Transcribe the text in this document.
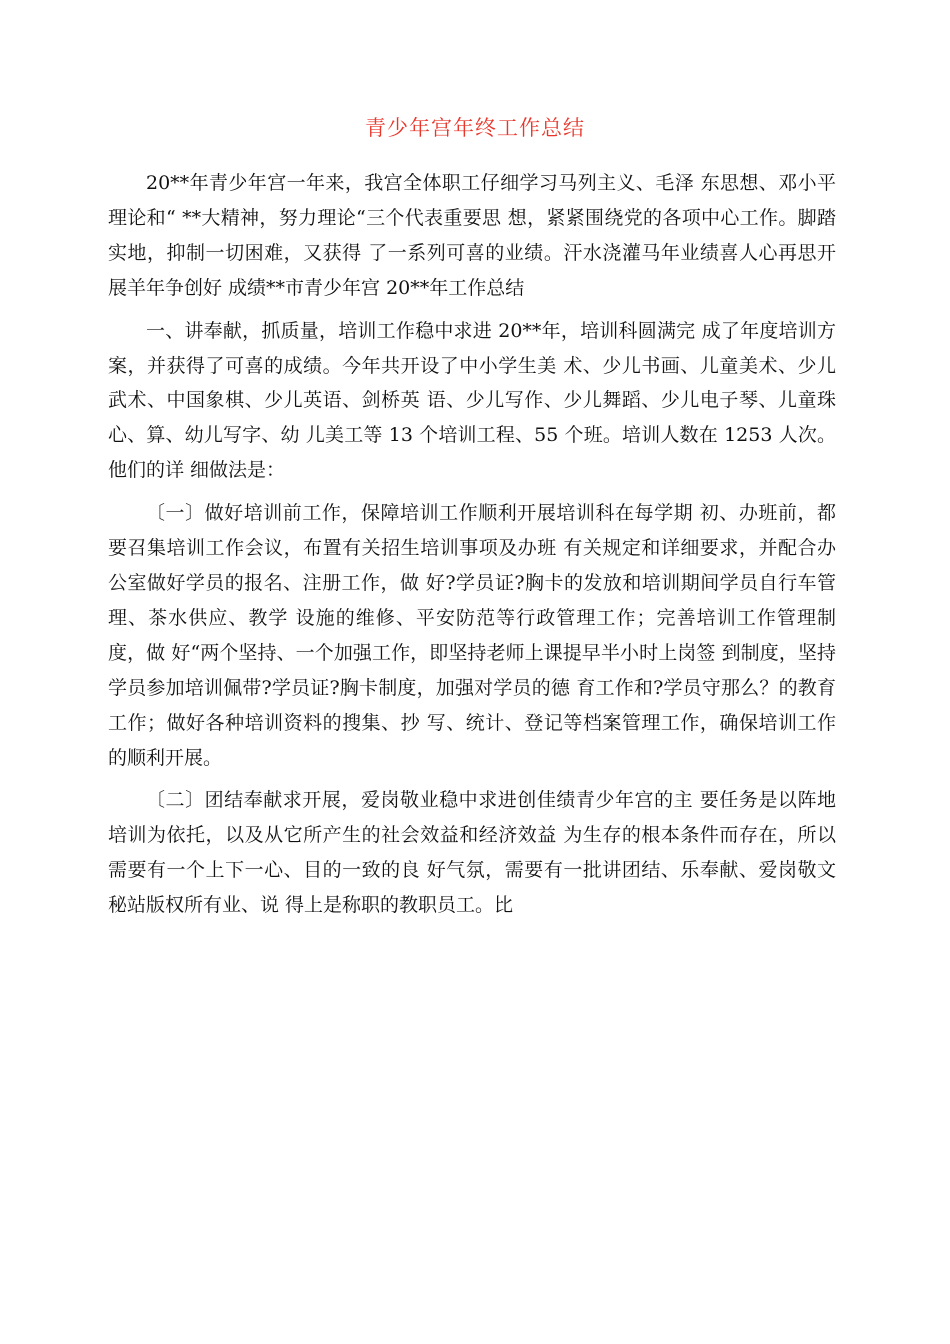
青少年宫年终工作总结

20**年青少年宫一年来，我宫全体职工仔细学习马列主义、毛泽 东思想、邓小平理论和“ **大精神，努力理论“三个代表重要思 想，紧紧围绕党的各项中心工作。脚踏实地，抑制一切困难，又获得 了一系列可喜的业绩。汗水浇灌马年业绩喜人心再思开展羊年争创好 成绩**市青少年宫 20**年工作总结

一、讲奉献，抓质量，培训工作稳中求进 20**年，培训科圆满完 成了年度培训方案，并获得了可喜的成绩。今年共开设了中小学生美 术、少儿书画、儿童美术、少儿武术、中国象棋、少儿英语、剑桥英 语、少儿写作、少儿舞蹈、少儿电子琴、儿童珠心、算、幼儿写字、幼 儿美工等 13 个培训工程、55 个班。培训人数在 1253 人次。他们的详 细做法是：

〔一〕做好培训前工作，保障培训工作顺利开展培训科在每学期 初、办班前，都要召集培训工作会议，布置有关招生培训事项及办班 有关规定和详细要求，并配合办公室做好学员的报名、注册工作，做 好?学员证?胸卡的发放和培训期间学员自行车管理、茶水供应、教学 设施的维修、平安防范等行政管理工作；完善培训工作管理制度，做 好“两个坚持、一个加强工作，即坚持老师上课提早半小时上岗签 到制度，坚持学员参加培训佩带?学员证?胸卡制度，加强对学员的德 育工作和?学员守那么？的教育工作；做好各种培训资料的搜集、抄 写、统计、登记等档案管理工作，确保培训工作的顺利开展。

〔二〕团结奉献求开展，爱岗敬业稳中求进创佳绩青少年宫的主 要任务是以阵地培训为依托，以及从它所产生的社会效益和经济效益 为生存的根本条件而存在，所以需要有一个上下一心、目的一致的良 好气氛，需要有一批讲团结、乐奉献、爱岗敬文秘站版权所有业、说 得上是称职的教职员工。比
